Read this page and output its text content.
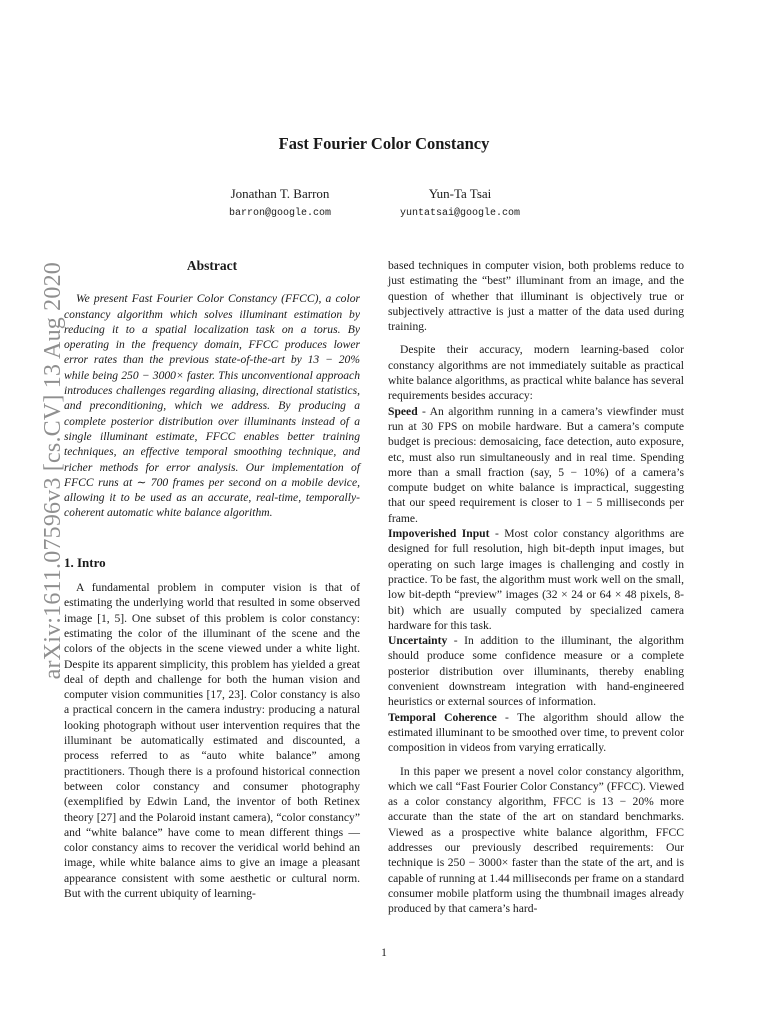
arXiv:1611.07596v3 [cs.CV] 13 Aug 2020
Fast Fourier Color Constancy
Jonathan T. Barron
barron@google.com
Yun-Ta Tsai
yuntatsai@google.com
Abstract

We present Fast Fourier Color Constancy (FFCC), a color constancy algorithm which solves illuminant estimation by reducing it to a spatial localization task on a torus. By operating in the frequency domain, FFCC produces lower error rates than the previous state-of-the-art by 13 − 20% while being 250 − 3000× faster. This unconventional approach introduces challenges regarding aliasing, directional statistics, and preconditioning, which we address. By producing a complete posterior distribution over illuminants instead of a single illuminant estimate, FFCC enables better training techniques, an effective temporal smoothing technique, and richer methods for error analysis. Our implementation of FFCC runs at ∼ 700 frames per second on a mobile device, allowing it to be used as an accurate, real-time, temporally-coherent automatic white balance algorithm.

1. Intro

A fundamental problem in computer vision is that of estimating the underlying world that resulted in some observed image [1, 5]. One subset of this problem is color constancy: estimating the color of the illuminant of the scene and the colors of the objects in the scene viewed under a white light. Despite its apparent simplicity, this problem has yielded a great deal of depth and challenge for both the human vision and computer vision communities [17, 23]. Color constancy is also a practical concern in the camera industry: producing a natural looking photograph without user intervention requires that the illuminant be automatically estimated and discounted, a process referred to as “auto white balance” among practitioners. Though there is a profound historical connection between color constancy and consumer photography (exemplified by Edwin Land, the inventor of both Retinex theory [27] and the Polaroid instant camera), “color constancy” and “white balance” have come to mean different things — color constancy aims to recover the veridical world behind an image, while white balance aims to give an image a pleasant appearance consistent with some aesthetic or cultural norm. But with the current ubiquity of learning-

based techniques in computer vision, both problems reduce to just estimating the “best” illuminant from an image, and the question of whether that illuminant is objectively true or subjectively attractive is just a matter of the data used during training.

Despite their accuracy, modern learning-based color constancy algorithms are not immediately suitable as practical white balance algorithms, as practical white balance has several requirements besides accuracy:

Speed - An algorithm running in a camera’s viewfinder must run at 30 FPS on mobile hardware. But a camera’s compute budget is precious: demosaicing, face detection, auto exposure, etc, must also run simultaneously and in real time. Spending more than a small fraction (say, 5 − 10%) of a camera’s compute budget on white balance is impractical, suggesting that our speed requirement is closer to 1 − 5 milliseconds per frame.

Impoverished Input - Most color constancy algorithms are designed for full resolution, high bit-depth input images, but operating on such large images is challenging and costly in practice. To be fast, the algorithm must work well on the small, low bit-depth “preview” images (32 × 24 or 64 × 48 pixels, 8-bit) which are usually computed by specialized camera hardware for this task.

Uncertainty - In addition to the illuminant, the algorithm should produce some confidence measure or a complete posterior distribution over illuminants, thereby enabling convenient downstream integration with hand-engineered heuristics or external sources of information.

Temporal Coherence - The algorithm should allow the estimated illuminant to be smoothed over time, to prevent color composition in videos from varying erratically.

In this paper we present a novel color constancy algorithm, which we call “Fast Fourier Color Constancy” (FFCC). Viewed as a color constancy algorithm, FFCC is 13 − 20% more accurate than the state of the art on standard benchmarks. Viewed as a prospective white balance algorithm, FFCC addresses our previously described requirements: Our technique is 250 − 3000× faster than the state of the art, and is capable of running at 1.44 milliseconds per frame on a standard consumer mobile platform using the thumbnail images already produced by that camera’s hard-

1
